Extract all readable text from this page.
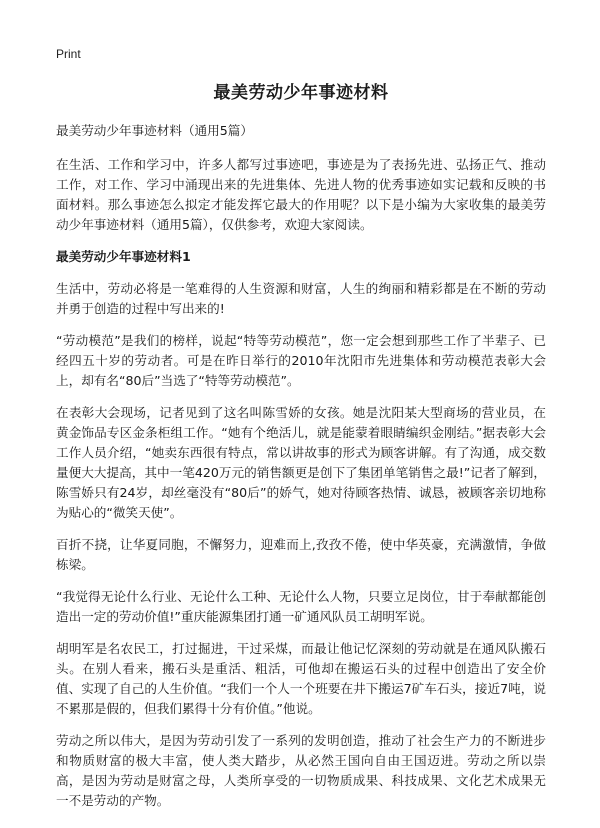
Print
最美劳动少年事迹材料
最美劳动少年事迹材料（通用5篇）

在生活、工作和学习中，许多人都写过事迹吧，事迹是为了表扬先进、弘扬正气、推动工作，对工作、学习中涌现出来的先进集体、先进人物的优秀事迹如实记载和反映的书面材料。那么事迹怎么拟定才能发挥它最大的作用呢？以下是小编为大家收集的最美劳动少年事迹材料（通用5篇），仅供参考，欢迎大家阅读。

最美劳动少年事迹材料1

生活中，劳动必将是一笔难得的人生资源和财富，人生的绚丽和精彩都是在不断的劳动并勇于创造的过程中写出来的!

“劳动模范”是我们的榜样，说起“特等劳动模范”，您一定会想到那些工作了半辈子、已经四五十岁的劳动者。可是在昨日举行的2010年沈阳市先进集体和劳动模范表彰大会上，却有名“80后”当选了“特等劳动模范”。

在表彰大会现场，记者见到了这名叫陈雪娇的女孩。她是沈阳某大型商场的营业员，在黄金饰品专区金条柜组工作。“她有个绝活儿，就是能蒙着眼睛编织金刚结。”据表彰大会工作人员介绍，“她卖东西很有特点，常以讲故事的形式为顾客讲解。有了沟通，成交数量便大大提高，其中一笔420万元的销售额更是创下了集团单笔销售之最!”记者了解到，陈雪娇只有24岁，却丝毫没有“80后”的娇气，她对待顾客热情、诚恳，被顾客亲切地称为贴心的“微笑天使”。

百折不挠，让华夏同胞，不懈努力，迎难而上,孜孜不倦，使中华英豪，充满激情，争做栋梁。

“我觉得无论什么行业、无论什么工种、无论什么人物，只要立足岗位，甘于奉献都能创造出一定的劳动价值!”重庆能源集团打通一矿通风队员工胡明军说。

胡明军是名农民工，打过掘进，干过采煤，而最让他记忆深刻的劳动就是在通风队搬石头。在别人看来，搬石头是重活、粗活，可他却在搬运石头的过程中创造出了安全价值、实现了自己的人生价值。“我们一个人一个班要在井下搬运7矿车石头，接近7吨，说不累那是假的，但我们累得十分有价值。”他说。

劳动之所以伟大，是因为劳动引发了一系列的发明创造，推动了社会生产力的不断进步和物质财富的极大丰富，使人类大踏步，从必然王国向自由王国迈进。劳动之所以崇高，是因为劳动是财富之母，人类所享受的一切物质成果、科技成果、文化艺术成果无一不是劳动的产物。
